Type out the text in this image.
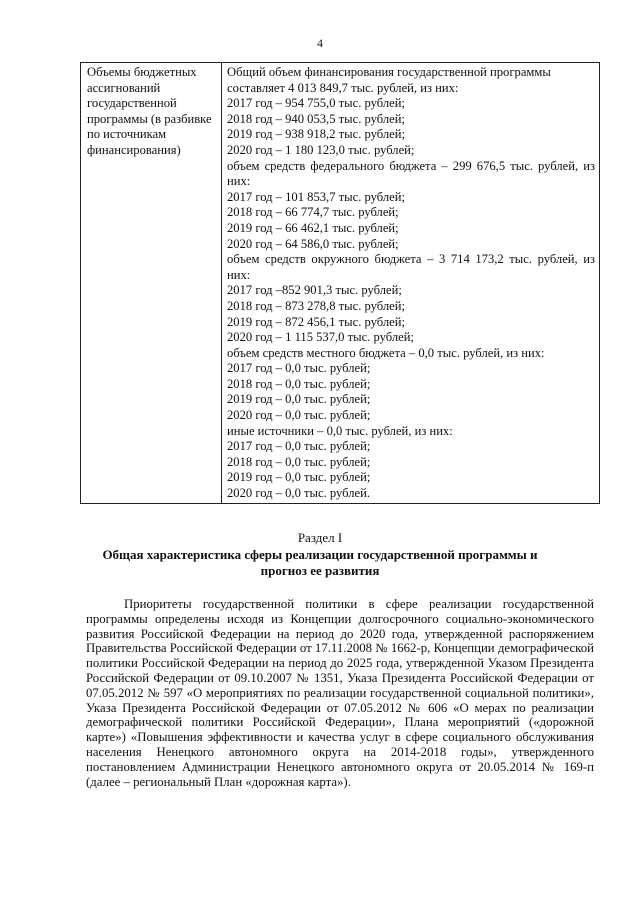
4
Объемы бюджетных ассигнований государственной программы (в разбивке по источникам финансирования)	
Общий объем финансирования государственной программы
составляет 4 013 849,7 тыс. рублей, из них:
2017 год – 954 755,0 тыс. рублей;
2018 год – 940 053,5 тыс. рублей;
2019 год – 938 918,2 тыс. рублей;
2020 год – 1 180 123,0 тыс. рублей;
объем средств федерального бюджета – 299 676,5 тыс. рублей, из них:
2017 год – 101 853,7 тыс. рублей;
2018 год – 66 774,7 тыс. рублей;
2019 год – 66 462,1 тыс. рублей;
2020 год – 64 586,0 тыс. рублей;
объем средств окружного бюджета – 3 714 173,2 тыс. рублей, из них:
2017 год –852 901,3 тыс. рублей;
2018 год – 873 278,8 тыс. рублей;
2019 год – 872 456,1 тыс. рублей;
2020 год – 1 115 537,0 тыс. рублей;
объем средств местного бюджета – 0,0 тыс. рублей, из них:
2017 год – 0,0 тыс. рублей;
2018 год – 0,0 тыс. рублей;
2019 год – 0,0 тыс. рублей;
2020 год – 0,0 тыс. рублей;
иные источники – 0,0 тыс. рублей, из них:
2017 год – 0,0 тыс. рублей;
2018 год – 0,0 тыс. рублей;
2019 год – 0,0 тыс. рублей;
2020 год – 0,0 тыс. рублей.
Раздел I
Общая характеристика сферы реализации государственной программы и прогноз ее развития

Приоритеты государственной политики в сфере реализации государственной программы определены исходя из Концепции долгосрочного социально-экономического развития Российской Федерации на период до 2020 года, утвержденной распоряжением Правительства Российской Федерации от 17.11.2008 № 1662-р, Концепции демографической политики Российской Федерации на период до 2025 года, утвержденной Указом Президента Российской Федерации от 09.10.2007 № 1351, Указа Президента Российской Федерации от 07.05.2012 № 597 «О мероприятиях по реализации государственной социальной политики», Указа Президента Российской Федерации от 07.05.2012 № 606 «О мерах по реализации демографической политики Российской Федерации», Плана мероприятий («дорожной карте») «Повышения эффективности и качества услуг в сфере социального обслуживания населения Ненецкого автономного округа на 2014-2018 годы», утвержденного постановлением Администрации Ненецкого автономного округа от 20.05.2014 № 169-п (далее – региональный План «дорожная карта»).
